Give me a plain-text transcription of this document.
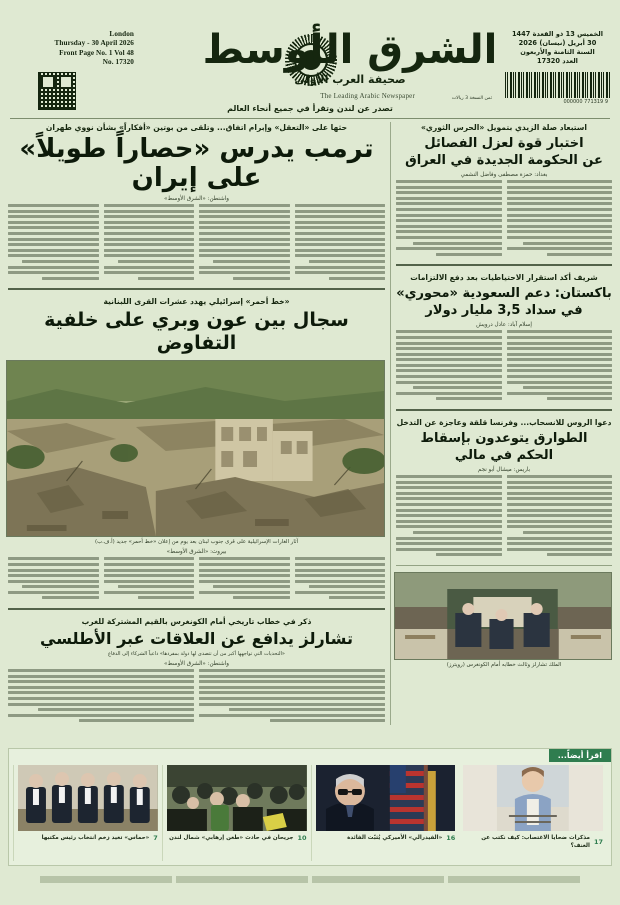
London
Thursday - 30 April 2026
Front Page No. 1 Vol 48
No. 17320	الشرق الأوسط
صحيفة العرب الأولى
The Leading Arabic Newspaper
الخميس 13 ذو القعدة 1447
30 أبريل (نيسان) 2026
السنة الثامنة والأربعون
العدد 17320
9 771319 000000
ثمن النسخة 3 ريالات
تصدر عن لندن وتقرأ في جميع أنحاء العالم
حثها على «التعقل» وإبرام اتفاق... وتلقى من بوتين «أفكاراً» بشأن نووي طهران
ترمب يدرس «حصاراً طويلاً» على إيران
واشنطن: «الشرق الأوسط»
«خط أحمر» إسرائيلي يهدد عشرات القرى اللبنانية
سجال بين عون وبري على خلفية التفاوض
آثار الغارات الإسرائيلية على قرى جنوب لبنان بعد يوم من إعلان «خط أحمر» جديد (أ.ف.ب)
بيروت: «الشرق الأوسط»
ذكر في خطاب تاريخي أمام الكونغرس بالقيم المشتركة للغرب
تشارلز يدافع عن العلاقات عبر الأطلسي
«التحديات التي تواجهها أكبر من أن تتصدى لها دولة بمفردها» داعياً الشركاء إلى الدفاع
واشنطن: «الشرق الأوسط»
استبعاد صلة الزيدي بتمويل «الحرس الثوري»
اختبار قوة لعزل الفصائل
عن الحكومة الجديدة في العراق
بغداد: حمزة مصطفى وفاضل النشمي
شريف أكد استقرار الاحتياطيات بعد دفع الالتزامات
باكستان: دعم السعودية «محوري»
في سداد 3,5 مليار دولار
إسلام آباد: عادل درويش
دعوا الروس للانسحاب... وفرنسا قلقة وعاجزة عن التدخل
الطوارق يتوعدون بإسقاط
الحكم في مالي
باريس: ميشال أبو نجم
الملك تشارلز وثالث خطابه أمام الكونغرس (رويترز)
اقرأ أيضاً...
«حماس» تعيد زخم انتخاب رئيس مكتبها 7	جريحان في حادث «طعن إرهابي» شمال لندن 10	«الفيدرالي» الأميركي يُثبّت الفائدة 16	مذكرات ضحايا الاغتصاب: كيف نكتب عن العنف؟ 17
